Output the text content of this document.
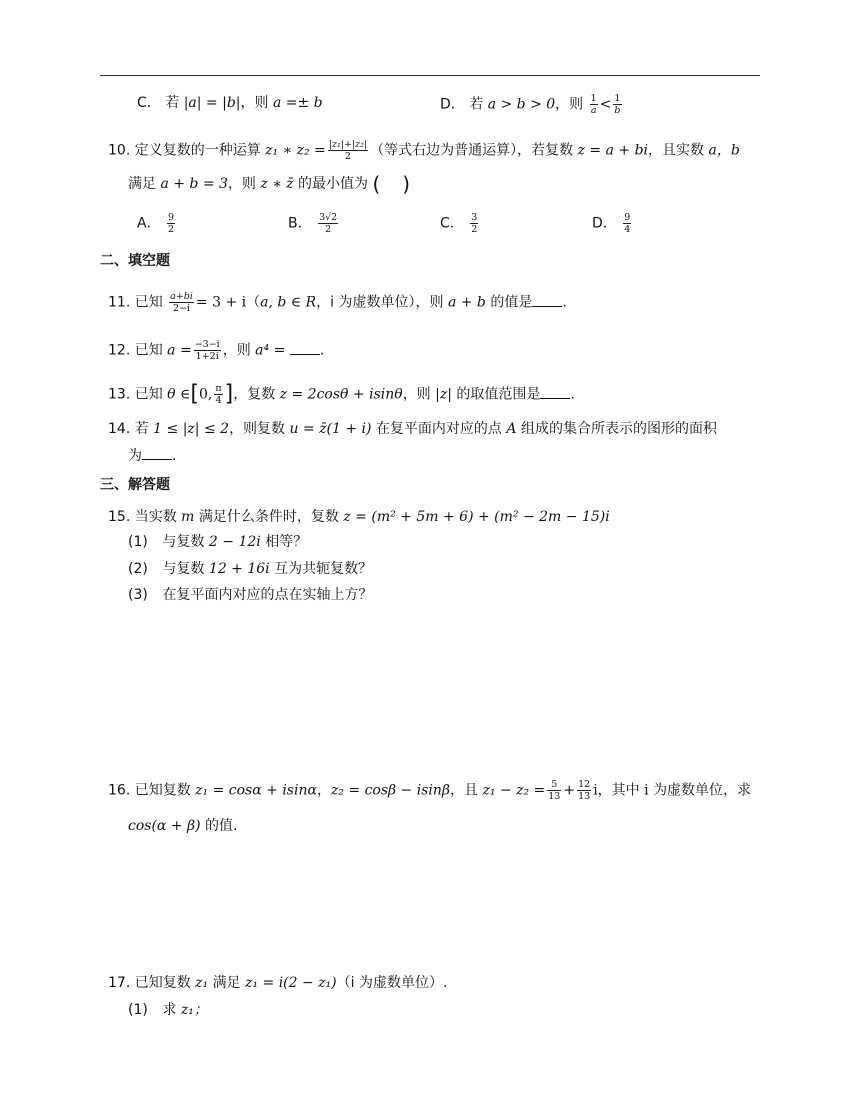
C． 若 |a| = |b|，则 a =± b	D． 若 a > b > 0，则 $\frac{1}{a} < \frac{1}{b}$
10. 定义复数的一种运算 z₁ ∗ $z_2 = \frac{\text{|z₁|+|z₂|}}{2}$ （等式右边为普通运算），若复数 z = a + bi，且实数 a，b
满足 a + b = 3，则 z ∗ z̄ 的最小值为 ( )
A． $\frac{9}{2}$	B． $\frac{3√2}{2}$	C． $\frac{3}{2}$	D． $\frac{9}{4}$
二、填空题
11. 已知 $\frac{a+bi}{2-i} = 3 + i(a$, b ∈ R，i 为虚数单位），则 a + b 的值是 .
12. 已知 $a = \frac{-3-i}{1+2i}$ ，则 a⁴ = .
13. 已知 θ ∈[0, $\frac{\pi}{4}$ ]，复数 z = 2cosθ + isinθ，则 |z| 的取值范围是 .
14. 若 1 ≤ |z| ≤ 2，则复数 u = z̄(1 + i) 在复平面内对应的点 A 组成的集合所表示的图形的面积
为 .
三、解答题
15. 当实数 m 满足什么条件时，复数 z = (m² + 5m + 6) + (m² − 2m − 15)i
(1) 与复数 2 − 12i 相等？
(2) 与复数 12 + 16i 互为共轭复数？
(3) 在复平面内对应的点在实轴上方？
16. 已知复数 z₁ = cosα + isinα，z₂ = cosβ − isinβ，且 $z_1 - z_2 = \frac{5}{13} + \frac{12}{13}$ i，其中 i 为虚数单位，求
cos(α + β) 的值.
17. 已知复数 z₁ 满足 z₁ = i(2 − z₁)（i 为虚数单位）.
(1) 求 z₁；
